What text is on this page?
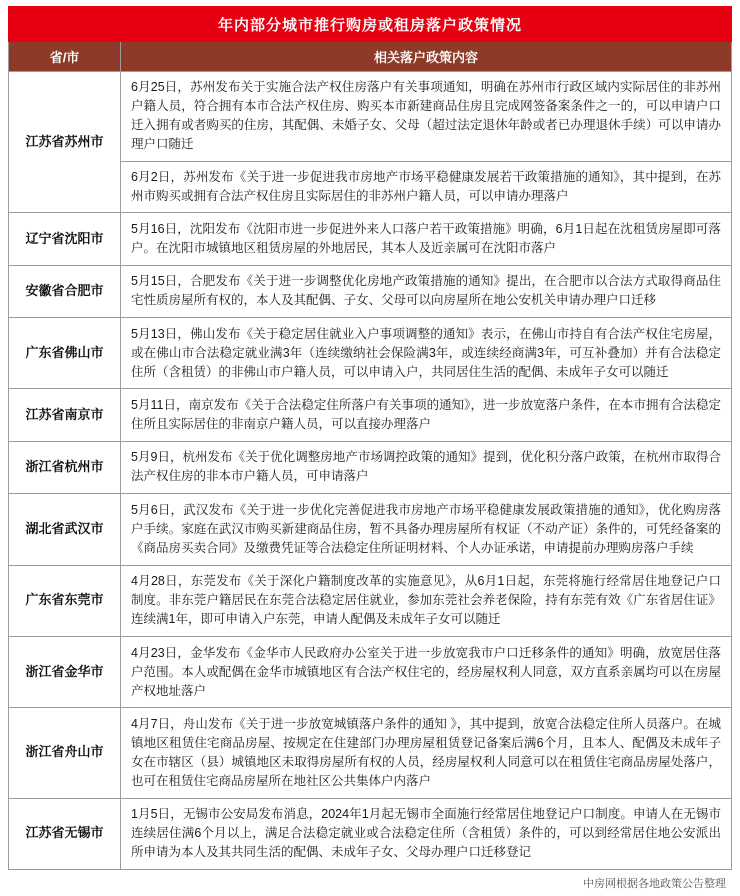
年内部分城市推行购房或租房落户政策情况
省/市	相关落户政策内容
江苏省苏州市
6月25日，苏州发布关于实施合法产权住房落户有关事项通知，明确在苏州市行政区域内实际居住的非苏州户籍人员，符合拥有本市合法产权住房、购买本市新建商品住房且完成网签备案条件之一的，可以申请户口迁入拥有或者购买的住房，其配偶、未婚子女、父母（超过法定退休年龄或者已办理退休手续）可以申请办理户口随迁
6月2日，苏州发布《关于进一步促进我市房地产市场平稳健康发展若干政策措施的通知》，其中提到，在苏州市购买或拥有合法产权住房且实际居住的非苏州户籍人员，可以申请办理落户
辽宁省沈阳市
5月16日，沈阳发布《沈阳市进一步促进外来人口落户若干政策措施》明确，6月1日起在沈租赁房屋即可落户。在沈阳市城镇地区租赁房屋的外地居民，其本人及近亲属可在沈阳市落户
安徽省合肥市
5月15日，合肥发布《关于进一步调整优化房地产政策措施的通知》提出，在合肥市以合法方式取得商品住宅性质房屋所有权的，本人及其配偶、子女、父母可以向房屋所在地公安机关申请办理户口迁移
广东省佛山市
5月13日，佛山发布《关于稳定居住就业入户事项调整的通知》表示，在佛山市持自有合法产权住宅房屋，或在佛山市合法稳定就业满3年（连续缴纳社会保险满3年，或连续经商满3年，可互补叠加）并有合法稳定住所（含租赁）的非佛山市户籍人员，可以申请入户，共同居住生活的配偶、未成年子女可以随迁
江苏省南京市
5月11日，南京发布《关于合法稳定住所落户有关事项的通知》，进一步放宽落户条件，在本市拥有合法稳定住所且实际居住的非南京户籍人员，可以直接办理落户
浙江省杭州市
5月9日，杭州发布《关于优化调整房地产市场调控政策的通知》提到，优化积分落户政策，在杭州市取得合法产权住房的非本市户籍人员，可申请落户
湖北省武汉市
5月6日，武汉发布《关于进一步优化完善促进我市房地产市场平稳健康发展政策措施的通知》，优化购房落户手续。家庭在武汉市购买新建商品住房，暂不具备办理房屋所有权证（不动产证）条件的，可凭经备案的《商品房买卖合同》及缴费凭证等合法稳定住所证明材料、个人办证承诺，申请提前办理购房落户手续
广东省东莞市
4月28日，东莞发布《关于深化户籍制度改革的实施意见》，从6月1日起，东莞将施行经常居住地登记户口制度。非东莞户籍居民在东莞合法稳定居住就业，参加东莞社会养老保险，持有东莞有效《广东省居住证》连续满1年，即可申请入户东莞，申请人配偶及未成年子女可以随迁
浙江省金华市
4月23日，金华发布《金华市人民政府办公室关于进一步放宽我市户口迁移条件的通知》明确，放宽居住落户范围。本人或配偶在金华市城镇地区有合法产权住宅的，经房屋权利人同意，双方直系亲属均可以在房屋产权地址落户
浙江省舟山市
4月7日，舟山发布《关于进一步放宽城镇落户条件的通知 》，其中提到，放宽合法稳定住所人员落户。在城镇地区租赁住宅商品房屋、按规定在住建部门办理房屋租赁登记备案后满6个月，且本人、配偶及未成年子女在市辖区（县）城镇地区未取得房屋所有权的人员，经房屋权利人同意可以在租赁住宅商品房屋处落户，也可在租赁住宅商品房屋所在地社区公共集体户内落户
江苏省无锡市
1月5日，无锡市公安局发布消息，2024年1月起无锡市全面施行经常居住地登记户口制度。申请人在无锡市连续居住满6个月以上，满足合法稳定就业或合法稳定住所（含租赁）条件的，可以到经常居住地公安派出所申请为本人及其共同生活的配偶、未成年子女、父母办理户口迁移登记
中房网根据各地政策公告整理
